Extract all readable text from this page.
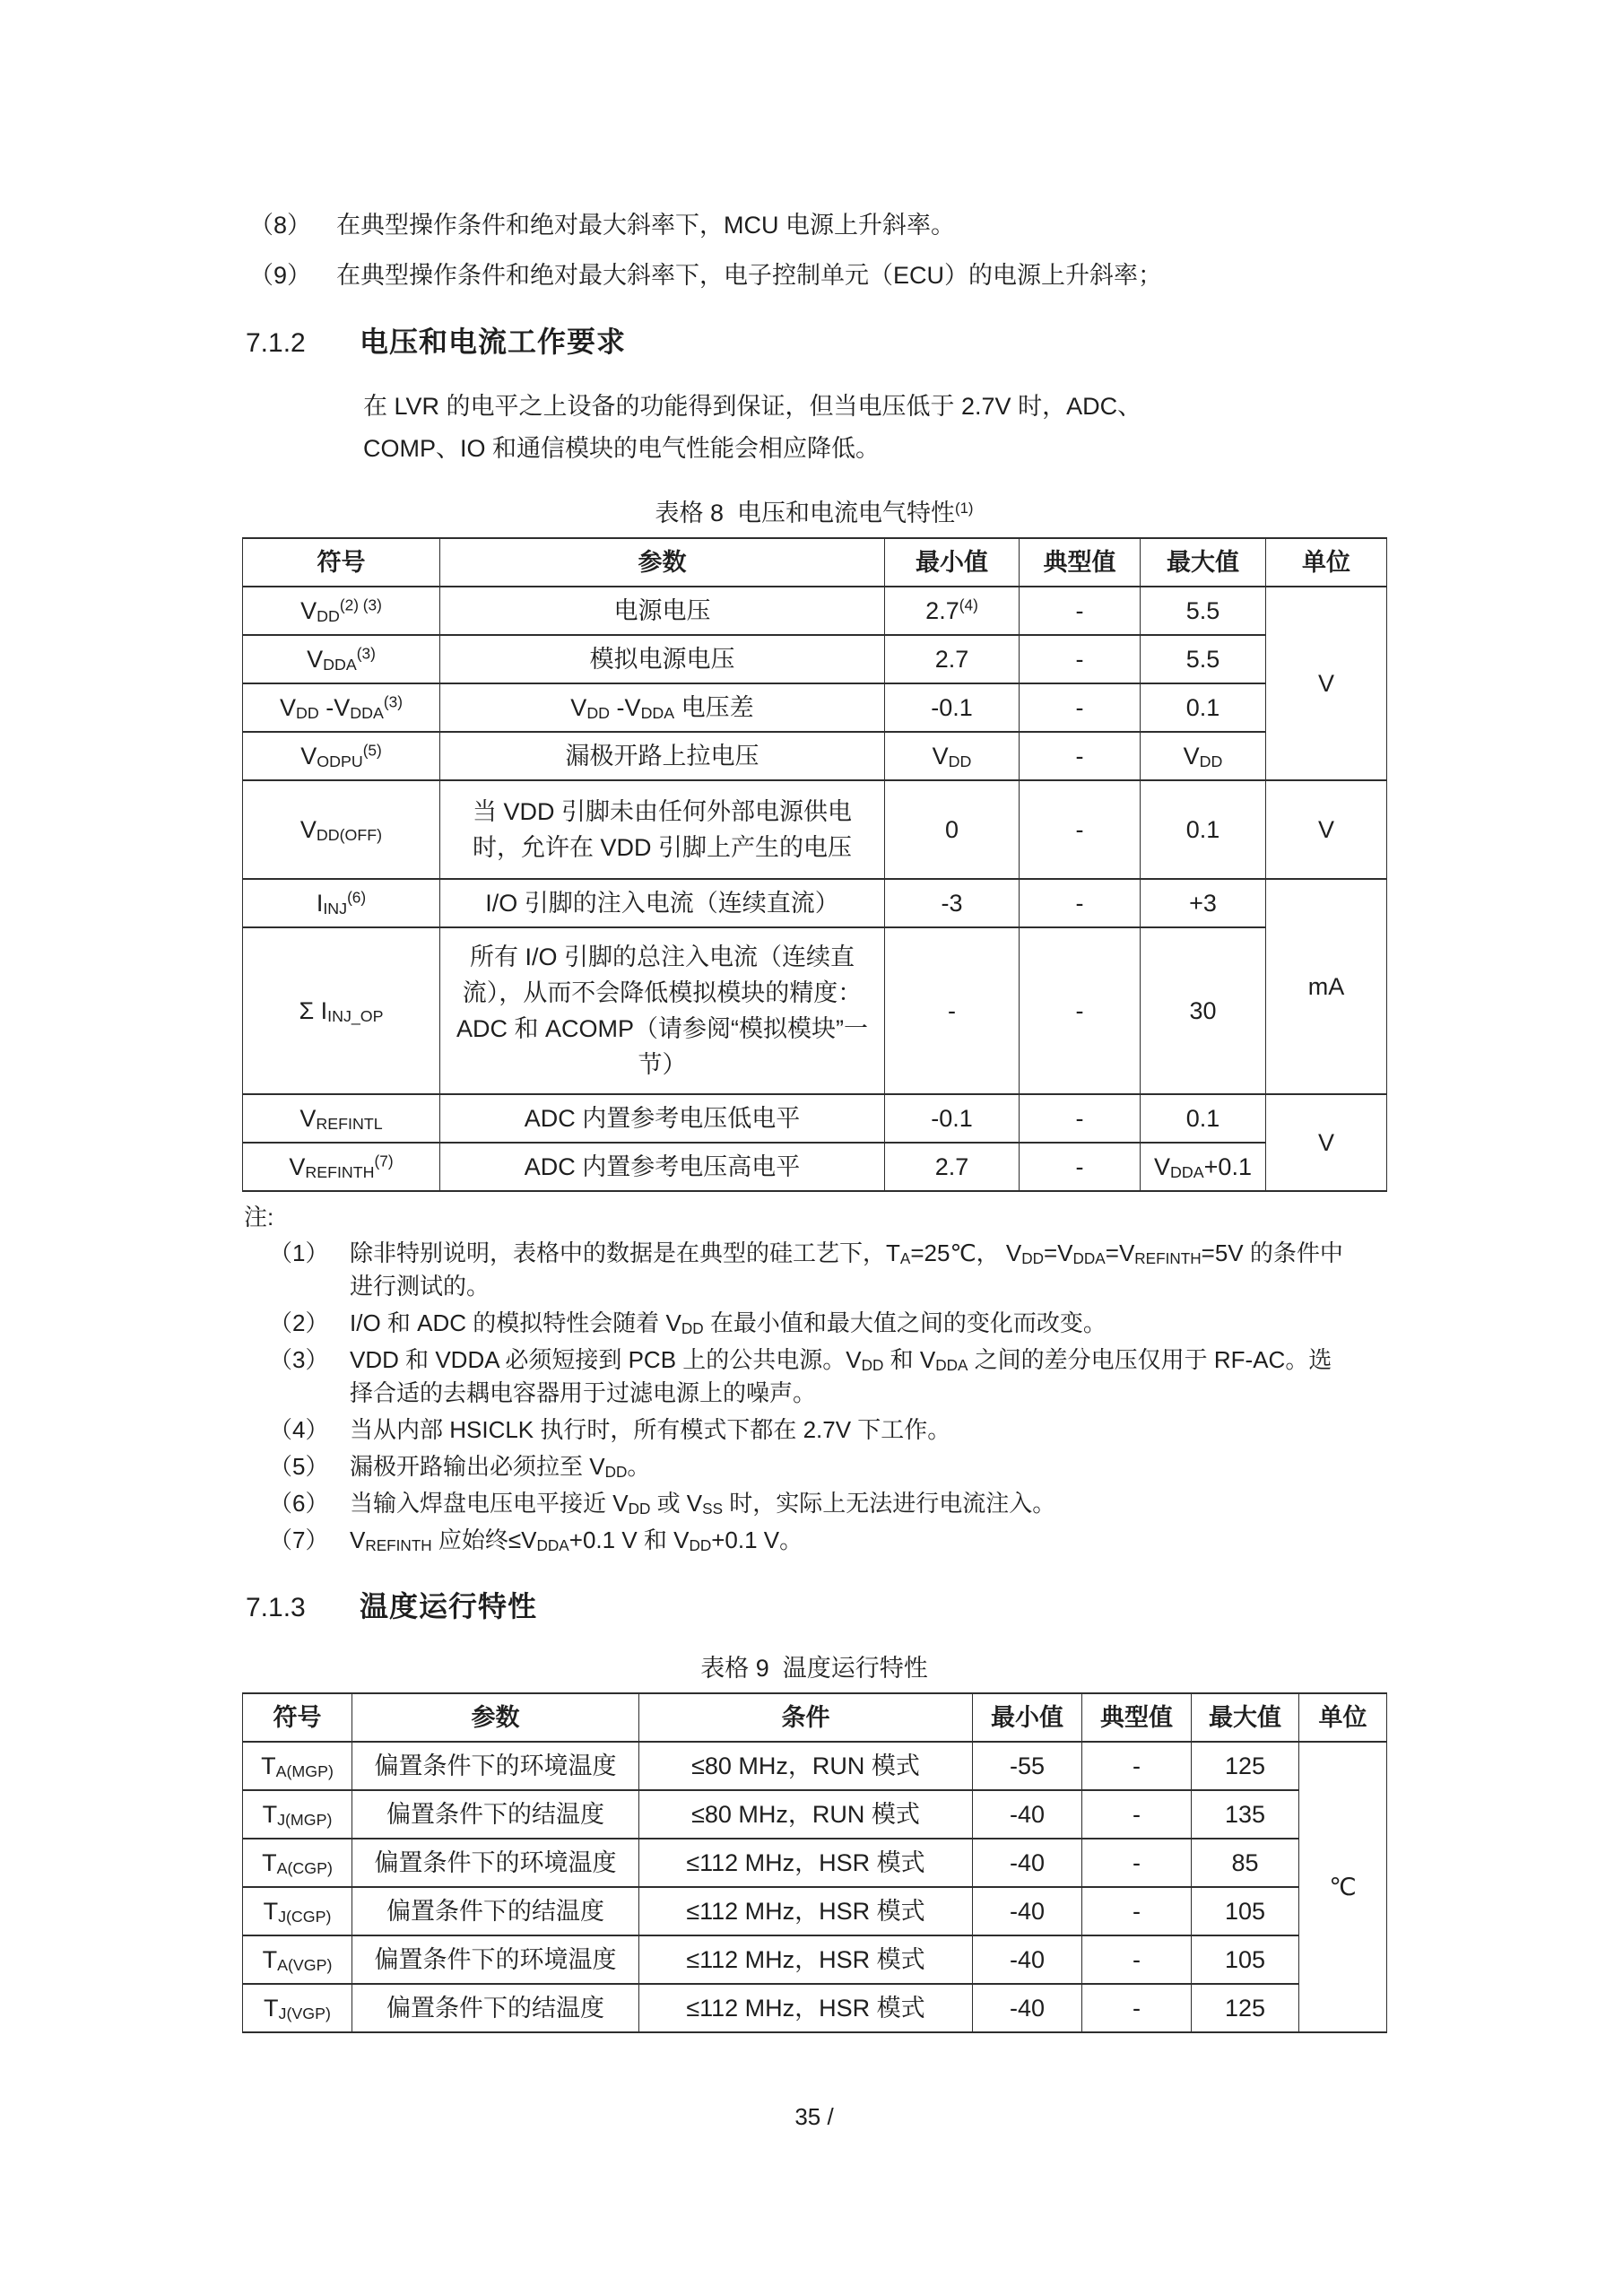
（8）	在典型操作条件和绝对最大斜率下，MCU 电源上升斜率。
（9）	在典型操作条件和绝对最大斜率下，电子控制单元（ECU）的电源上升斜率；
7.1.2	电压和电流工作要求

在 LVR 的电平之上设备的功能得到保证，但当电压低于 2.7V 时，ADC、
COMP、IO 和通信模块的电气性能会相应降低。

表格 8  电压和电流电气特性$^{(1)}$
符号	参数	最小值	典型值	最大值	单位
$V_{DD}^{(2) (3)}$	电源电压	2.7$^{(4)}$	-	5.5	V
$V_{DDA}^{(3)}$	模拟电源电压	2.7	-	5.5	
$V_{DD}$ $-V_{DDA}^{(3)}$	$V_{DD}$ $-V_{DDA}$ 电压差	-0.1	-	0.1	
$V_{ODPU}^{(5)}$	漏极开路上拉电压	$V_{DD}$	-	$V_{DD}$
$V_{DD(OFF)}$	当 VDD 引脚未由任何外部电源供电时，允许在 VDD 引脚上产生的电压	0	-	0.1	V
$I_{INJ}^{(6)}$	I/O 引脚的注入电流（连续直流）	-3	-	+3	mA
Σ $I_{INJ\_OP}$	所有 I/O 引脚的总注入电流（连续直流），从而不会降低模拟模块的精度：ADC 和 ACOMP（请参阅“模拟模块”一节）	-	-	30	
$V_{REFINTL}$	ADC 内置参考电压低电平	-0.1	-	0.1	V
$V_{REFINTH}^{(7)}$	ADC 内置参考电压高电平	2.7	-	$V_{DDA}+0.1$	
注:
（1） 除非特别说明，表格中的数据是在典型的硅工艺下，$T_A=25℃$， $V_{DD}=V_{DDA}=V_{REFINTH}=5V$ 的条件中
进行测试的。
（2） I/O 和 ADC 的模拟特性会随着 $V_{DD}$ 在最小值和最大值之间的变化而改变。
（3） VDD 和 VDDA 必须短接到 PCB 上的公共电源。$V_{DD}$ 和 $V_{DDA}$ 之间的差分电压仅用于 RF-AC。选
择合适的去耦电容器用于过滤电源上的噪声。
（4） 当从内部 HSICLK 执行时，所有模式下都在 2.7V 下工作。
（5） 漏极开路输出必须拉至 $V_{DD}$。
（6） 当输入焊盘电压电平接近 $V_{DD}$ 或 $V_{SS}$ 时，实际上无法进行电流注入。
（7） $V_{REFINTH}$ 应始终$\le V_{DDA}+0.1$ V 和 $V_{DD}+0.1$ V。
7.1.3	温度运行特性
表格 9  温度运行特性
符号	参数	条件	最小值	典型值	最大值	单位
$T_{A(MGP)}$	偏置条件下的环境温度	≤80 MHz，RUN 模式	-55	-	125	℃
$T_{J(MGP)}$	偏置条件下的结温度	≤80 MHz，RUN 模式	-40	-	135	
$T_{A(CGP)}$	偏置条件下的环境温度	≤112 MHz，HSR 模式	-40	-	85	
$T_{J(CGP)}$	偏置条件下的结温度	≤112 MHz，HSR 模式	-40	-	105	
$T_{A(VGP)}$	偏置条件下的环境温度	≤112 MHz，HSR 模式	-40	-	105	
$T_{J(VGP)}$	偏置条件下的结温度	≤112 MHz，HSR 模式	-40	-	125	
35 /
